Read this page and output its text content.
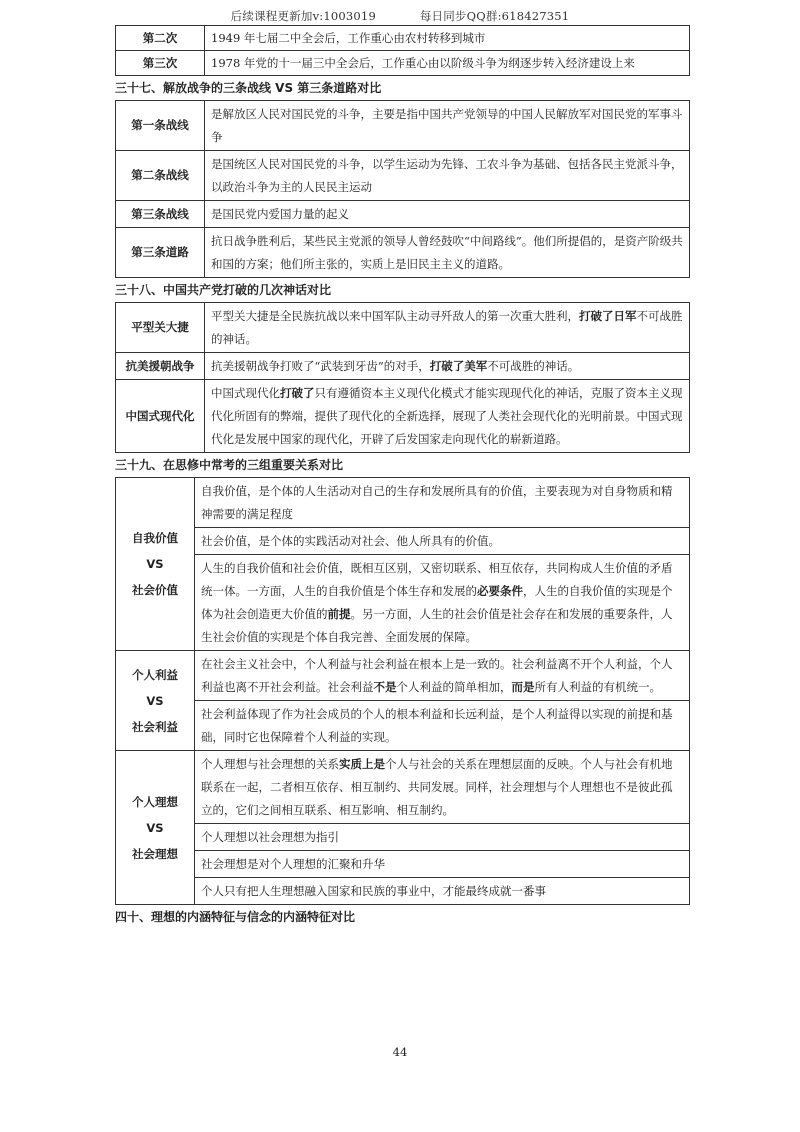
后续课程更新加v:1003019	每日同步QQ群:618427351
第二次	1949 年七届二中全会后，工作重心由农村转移到城市
第三次	1978 年党的十一届三中全会后，工作重心由以阶级斗争为纲逐步转入经济建设上来
三十七、解放战争的三条战线 VS 第三条道路对比
第一条战线	是解放区人民对国民党的斗争，主要是指中国共产党领导的中国人民解放军对国民党的军事斗争
第二条战线	是国统区人民对国民党的斗争，以学生运动为先锋、工农斗争为基础、包括各民主党派斗争，以政治斗争为主的人民民主运动
第三条战线	是国民党内爱国力量的起义
第三条道路	抗日战争胜利后，某些民主党派的领导人曾经鼓吹“中间路线”。他们所提倡的，是资产阶级共和国的方案；他们所主张的，实质上是旧民主主义的道路。
三十八、中国共产党打破的几次神话对比
平型关大捷	平型关大捷是全民族抗战以来中国军队主动寻歼敌人的第一次重大胜利，打破了日军不可战胜的神话。
抗美援朝战争	抗美援朝战争打败了“武装到牙齿”的对手，打破了美军不可战胜的神话。
中国式现代化	中国式现代化打破了只有遵循资本主义现代化模式才能实现现代化的神话，克服了资本主义现代化所固有的弊端，提供了现代化的全新选择，展现了人类社会现代化的光明前景。中国式现代化是发展中国家的现代化，开辟了后发国家走向现代化的崭新道路。
三十九、在思修中常考的三组重要关系对比
自我价值
VS
社会价值	自我价值，是个体的人生活动对自己的生存和发展所具有的价值，主要表现为对自身物质和精神需要的满足程度
	社会价值，是个体的实践活动对社会、他人所具有的价值。
	人生的自我价值和社会价值，既相互区别，又密切联系、相互依存，共同构成人生价值的矛盾统一体。一方面，人生的自我价值是个体生存和发展的必要条件，人生的自我价值的实现是个体为社会创造更大价值的前提。另一方面，人生的社会价值是社会存在和发展的重要条件，人生社会价值的实现是个体自我完善、全面发展的保障。

个人利益
VS
社会利益	在社会主义社会中，个人利益与社会利益在根本上是一致的。社会利益离不开个人利益，个人利益也离不开社会利益。社会利益不是个人利益的简单相加，而是所有人利益的有机统一。
	社会利益体现了作为社会成员的个人的根本利益和长远利益，是个人利益得以实现的前提和基础，同时它也保障着个人利益的实现。

个人理想
VS
社会理想	个人理想与社会理想的关系实质上是个人与社会的关系在理想层面的反映。个人与社会有机地联系在一起，二者相互依存、相互制约、共同发展。同样，社会理想与个人理想也不是彼此孤立的，它们之间相互联系、相互影响、相互制约。
	个人理想以社会理想为指引
	社会理想是对个人理想的汇聚和升华
	个人只有把人生理想融入国家和民族的事业中，才能最终成就一番事
四十、理想的内涵特征与信念的内涵特征对比
44
